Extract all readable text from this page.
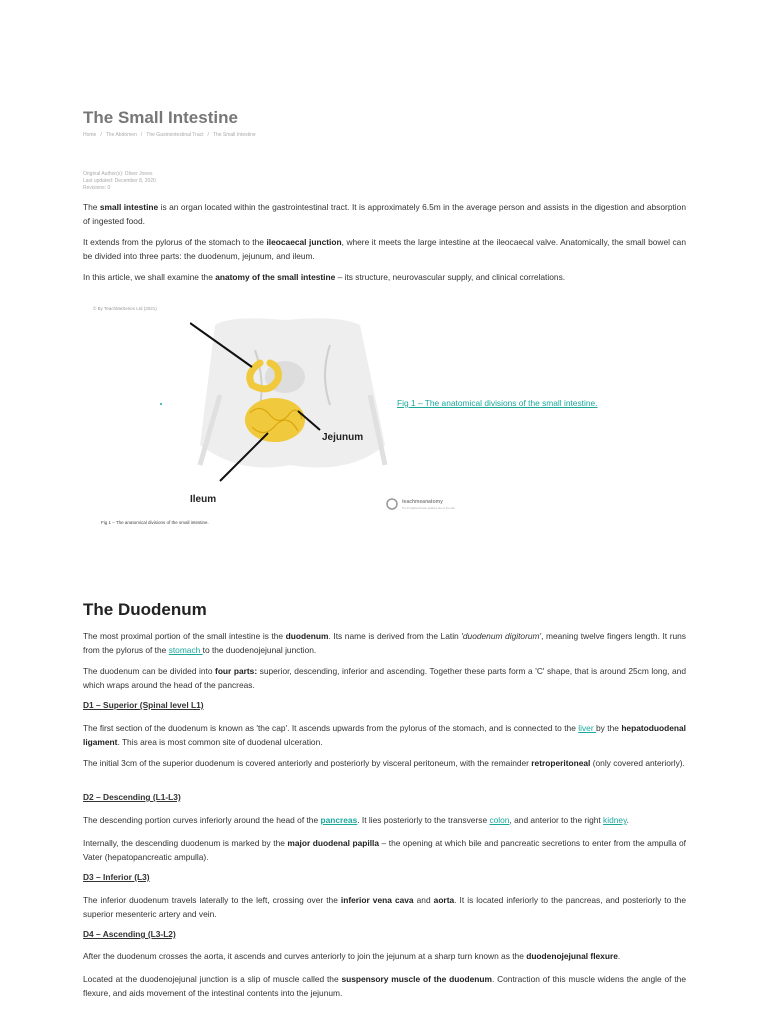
The Small Intestine
Home / The Abdomen / The Gastrointestinal Tract / The Small Intestine
Original Author(s): Oliver Jones
Last updated: December 8, 2020
Revisions: 0

The small intestine is an organ located within the gastrointestinal tract. It is approximately 6.5m in the average person and assists in the digestion and absorption of ingested food.

It extends from the pylorus of the stomach to the ileocaecal junction, where it meets the large intestine at the ileocaecal valve. Anatomically, the small bowel can be divided into three parts: the duodenum, jejunum, and ileum.

In this article, we shall examine the anatomy of the small intestine – its structure, neurovascular supply, and clinical correlations.

© By TeachMeSeries Ltd (2021)
Jejunum
Ileum	teachmeanatomy
The #1 applied human anatomy site on the web.
Fig 1 – The anatomical divisions of the small intestine.
Fig 1 – The anatomical divisions of the small intestine.
The Duodenum

The most proximal portion of the small intestine is the duodenum. Its name is derived from the Latin 'duodenum digitorum', meaning twelve fingers length. It runs from the pylorus of the stomach to the duodenojejunal junction.

The duodenum can be divided into four parts: superior, descending, inferior and ascending. Together these parts form a 'C' shape, that is around 25cm long, and which wraps around the head of the pancreas.

D1 – Superior (Spinal level L1)

The first section of the duodenum is known as 'the cap'. It ascends upwards from the pylorus of the stomach, and is connected to the liver by the hepatoduodenal ligament. This area is most common site of duodenal ulceration.

The initial 3cm of the superior duodenum is covered anteriorly and posteriorly by visceral peritoneum, with the remainder retroperitoneal (only covered anteriorly).

D2 – Descending (L1-L3)

The descending portion curves inferiorly around the head of the pancreas. It lies posteriorly to the transverse colon, and anterior to the right kidney.

Internally, the descending duodenum is marked by the major duodenal papilla – the opening at which bile and pancreatic secretions to enter from the ampulla of Vater (hepatopancreatic ampulla).

D3 – Inferior (L3)

The inferior duodenum travels laterally to the left, crossing over the inferior vena cava and aorta. It is located inferiorly to the pancreas, and posteriorly to the superior mesenteric artery and vein.

D4 – Ascending (L3-L2)

After the duodenum crosses the aorta, it ascends and curves anteriorly to join the jejunum at a sharp turn known as the duodenojejunal flexure.

Located at the duodenojejunal junction is a slip of muscle called the suspensory muscle of the duodenum. Contraction of this muscle widens the angle of the flexure, and aids movement of the intestinal contents into the jejunum.
